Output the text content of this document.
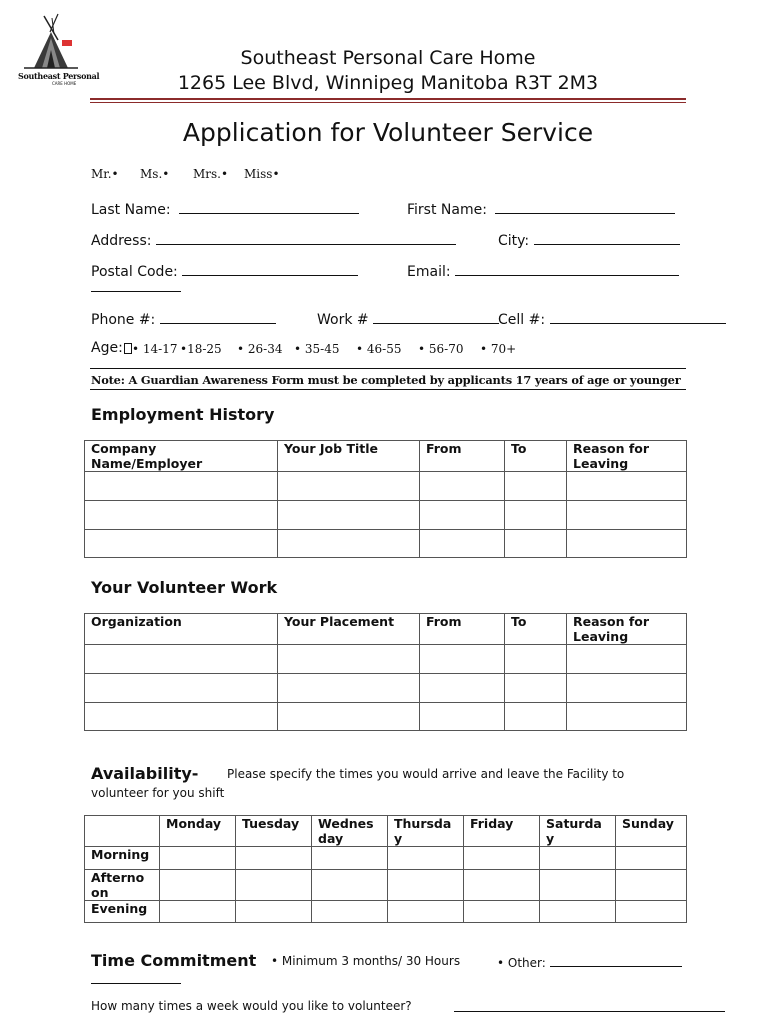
Southeast Personal
CARE HOME
Southeast Personal Care Home
1265 Lee Blvd, Winnipeg Manitoba R3T 2M3
Application for Volunteer Service
Mr.• Ms.• Mrs.• Miss•
Last Name:	First Name:
Address:	City:
Postal Code:	Email:
Phone #:	Work #	Cell #:
Age: • 14-17 •18-25 • 26-34 • 35-45 • 46-55 • 56-70 • 70+
Note: A Guardian Awareness Form must be completed by applicants 17 years of age or younger
Employment History
Company Name/Employer	Your Job Title	From	To	Reason for Leaving

Your Volunteer Work
Organization	Your Placement	From	To	Reason for Leaving

Availability- Please specify the times you would arrive and leave the Facility to
volunteer for you shift
	Monday	Tuesday	Wednes day	Thursda y	Friday	Saturda y	Sunday
Morning							
Afterno on							
Evening							
Time Commitment • Minimum 3 months/ 30 Hours	• Other:
How many times a week would you like to volunteer?
